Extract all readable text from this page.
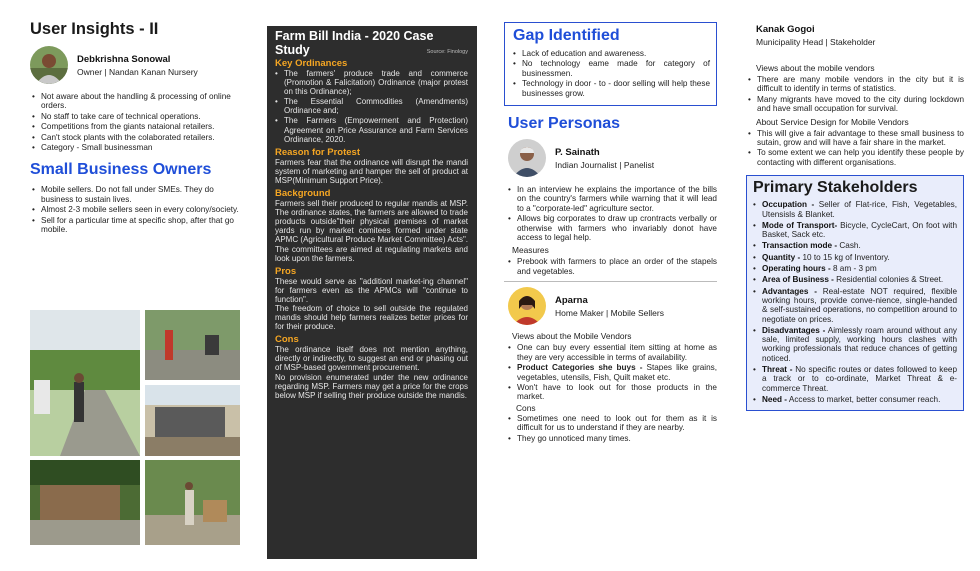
User Insights - II
Debkrishna Sonowal
Owner | Nandan Kanan Nursery
• Not aware about the handling & processing of online orders.
• No staff to take care of technical operations.
• Competitions from the giants nataional retailers.
• Can't stock plants with the colaborated retailers.
• Category - Small businessman
Small Business Owners
• Mobile sellers. Do not fall under SMEs. They do business to sustain lives.
• Almost 2-3 mobile sellers seen in every colony/society.
• Sell for a particular time at specific shop, after that go mobile.
Farm Bill India - 2020 Case Study	Source: Finology
Key Ordinances
• The farmers' produce trade and commerce (Promotion & Falicitation) Ordinance (major protest on this Ordinance);
• The Essential Commodities (Amendments) Ordinance and;
• The Farmers (Empowerment and Protection) Agreement on Price Assurance and Farm Services Ordinance, 2020.
Reason for Protest
Farmers fear that the ordinance will disrupt the mandi system of marketing and hamper the sell of product at MSP(Minimum Support Price).
Background
Farmers sell their produced to regular mandis at MSP. The ordinance states, the farmers are allowed to trade products outside"their physical premises of market yards run by market comitees formed under state APMC (Agricultural Produce Market Committee) Acts". The committees are aimed at regulating markets and look upon the farmers.
Pros
These would serve as "additionl market-ing channel" for farmers even as the APMCs will "continue to function".
The freedom of choice to sell outside the regulated mandis should help farmers realizes better prices for for their produce.
Cons
The ordinance itself does not mention anything, directly or indirectly, to suggest an end or phasing out of MSP-based government procurement.
No provision enumerated under the new ordinance regarding MSP. Farmers may get a price for the crops below MSP if selling their produce outside the mandis.
Gap Identified
• Lack of education and awareness.
• No technology eame made for category of businessmen.
• Technology in door - to - door selling will help these businesses grow.
User Personas
P. Sainath
Indian Journalist | Panelist
• In an interview he explains the importance of the bills on the country's farmers while warning that it will lead to a "corporate-led" agriculture sector.
• Allows big corporates to draw up crontracts verbally or otherwise with farmers who invariably donot have access to legal help.
Measures
• Prebook with farmers to place an order of the stapels and vegetables.
Aparna
Home Maker | Mobile Sellers
Views about the Mobile Vendors
• One can buy every essential item sitting at home as they are very accessible in terms of availability.
• Product Categories she buys - Stapes like grains, vegetables, utensils, Fish, Quilt maket etc.
• Won't have to look out for those products in the market.
Cons
• Sometimes one need to look out for them as it is difficult for us to understand if they are nearby.
• They go unnoticed many times.
Kanak Gogoi
Municipality Head | Stakeholder
Views about the mobile vendors
• There are many mobile vendors in the city but it is difficult to identify in terms of statistics.
• Many migrants have moved to the city during lockdown and have small occupation for survival.
About Service Design for Mobile Vendors
• This will give a fair advantage to these small business to sutain, grow and will have a fair share in the market.
• To some extent we can help you identify these people by contacting with different organisations.
Primary Stakeholders
• Occupation - Seller of Flat-rice, Fish, Vegetables, Utensisls & Blanket.
• Mode of Transport- Bicycle, CycleCart, On foot with Basket, Sack etc.
• Transaction mode - Cash.
• Quantity - 10 to 15 kg of Inventory.
• Operating hours - 8 am - 3 pm
• Area of Business - Residential colonies & Street.
• Advantages - Real-estate NOT required, flexible working hours, provide conve-nience, single-handed & self-sustained operations, no competition around to negotiate on prices.
• Disadvantages - Aimlessly roam around without any sale, limited supply, working hours clashes with working professionals that reduce chances of getting noticed.
• Threat - No specific routes or dates followed to keep a track or to co-ordinate, Market Threat & e-commerce Threat.
• Need - Access to market, better consumer reach.
